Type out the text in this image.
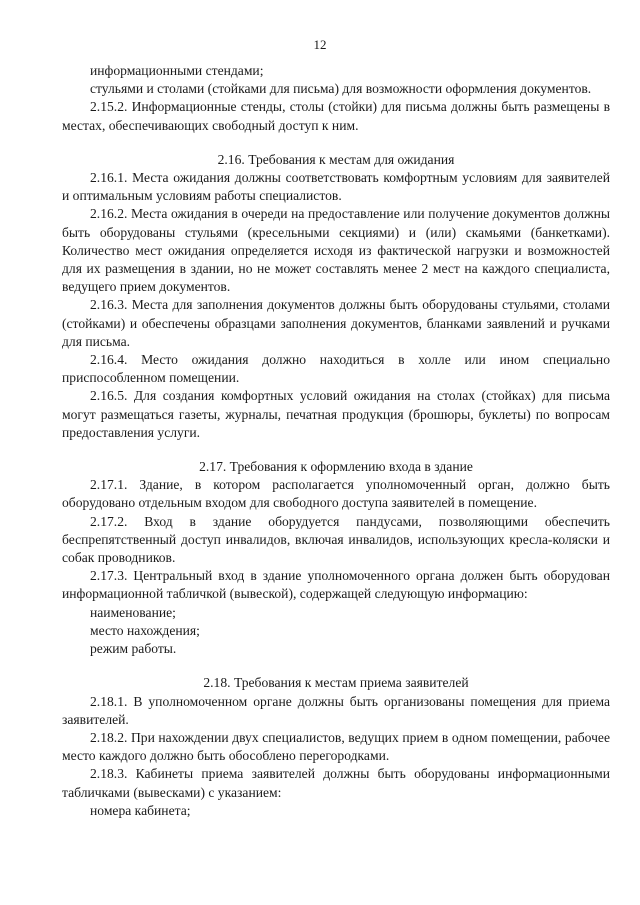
12
информационными стендами;
стульями и столами (стойками для письма) для возможности оформления документов.
2.15.2. Информационные стенды, столы (стойки) для письма должны быть размещены в местах, обеспечивающих свободный доступ к ним.
2.16. Требования к местам для ожидания
2.16.1. Места ожидания должны соответствовать комфортным условиям для заявителей и оптимальным условиям работы специалистов.
2.16.2. Места ожидания в очереди на предоставление или получение документов должны быть оборудованы стульями (кресельными секциями) и (или) скамьями (банкетками). Количество мест ожидания определяется исходя из фактической нагрузки и возможностей для их размещения в здании, но не может составлять менее 2 мест на каждого специалиста, ведущего прием документов.
2.16.3. Места для заполнения документов должны быть оборудованы стульями, столами (стойками) и обеспечены образцами заполнения документов, бланками заявлений и ручками для письма.
2.16.4. Место ожидания должно находиться в холле или ином специально приспособленном помещении.
2.16.5. Для создания комфортных условий ожидания на столах (стойках) для письма могут размещаться газеты, журналы, печатная продукция (брошюры, буклеты) по вопросам предоставления услуги.
2.17. Требования к оформлению входа в здание
2.17.1. Здание, в котором располагается уполномоченный орган, должно быть оборудовано отдельным входом для свободного доступа заявителей в помещение.
2.17.2. Вход в здание оборудуется пандусами, позволяющими обеспечить беспрепятственный доступ инвалидов, включая инвалидов, использующих кресла-коляски и собак проводников.
2.17.3. Центральный вход в здание уполномоченного органа должен быть оборудован информационной табличкой (вывеской), содержащей следующую информацию:
наименование;
место нахождения;
режим работы.
2.18. Требования к местам приема заявителей
2.18.1. В уполномоченном органе должны быть организованы помещения для приема заявителей.
2.18.2. При нахождении двух специалистов, ведущих прием в одном помещении, рабочее место каждого должно быть обособлено перегородками.
2.18.3. Кабинеты приема заявителей должны быть оборудованы информационными табличками (вывесками) с указанием:
номера кабинета;
